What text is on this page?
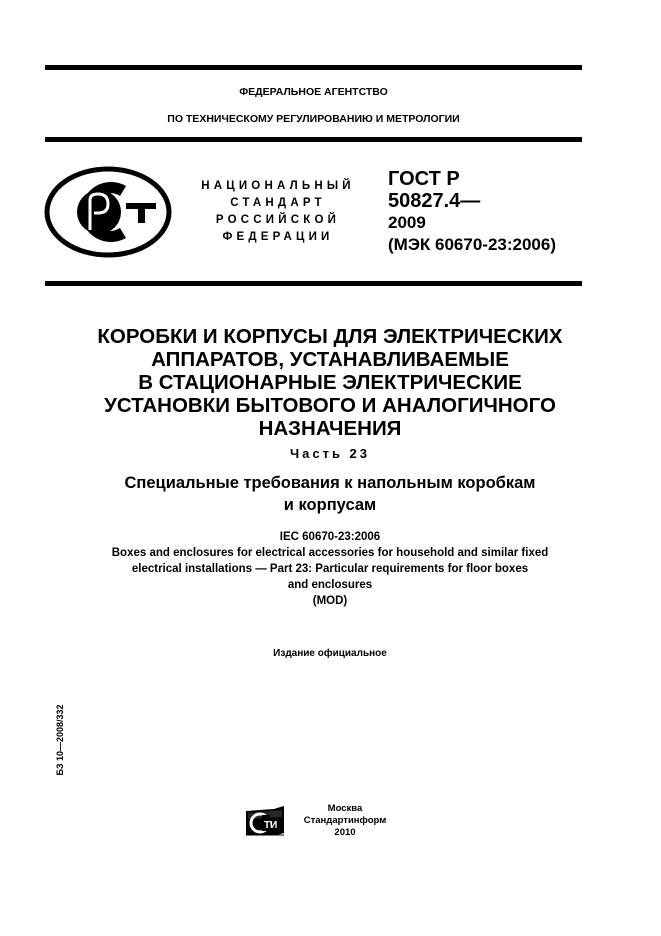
ФЕДЕРАЛЬНОЕ АГЕНТСТВО
ПО ТЕХНИЧЕСКОМУ РЕГУЛИРОВАНИЮ И МЕТРОЛОГИИ
НАЦИОНАЛЬНЫЙ
СТАНДАРТ
РОССИЙСКОЙ
ФЕДЕРАЦИИ
ГОСТ Р
50827.4—
2009
(МЭК 60670-23:2006)
КОРОБКИ И КОРПУСЫ ДЛЯ ЭЛЕКТРИЧЕСКИХ
АППАРАТОВ, УСТАНАВЛИВАЕМЫЕ
В СТАЦИОНАРНЫЕ ЭЛЕКТРИЧЕСКИЕ
УСТАНОВКИ БЫТОВОГО И АНАЛОГИЧНОГО
НАЗНАЧЕНИЯ
Часть 23
Специальные требования к напольным коробкам
и корпусам
IEC 60670-23:2006
Boxes and enclosures for electrical accessories for household and similar fixed
electrical installations — Part 23: Particular requirements for floor boxes
and enclosures
(MOD)
Издание официальное
БЗ 10—2008/332
ТИ
Москва
Стандартинформ
2010
